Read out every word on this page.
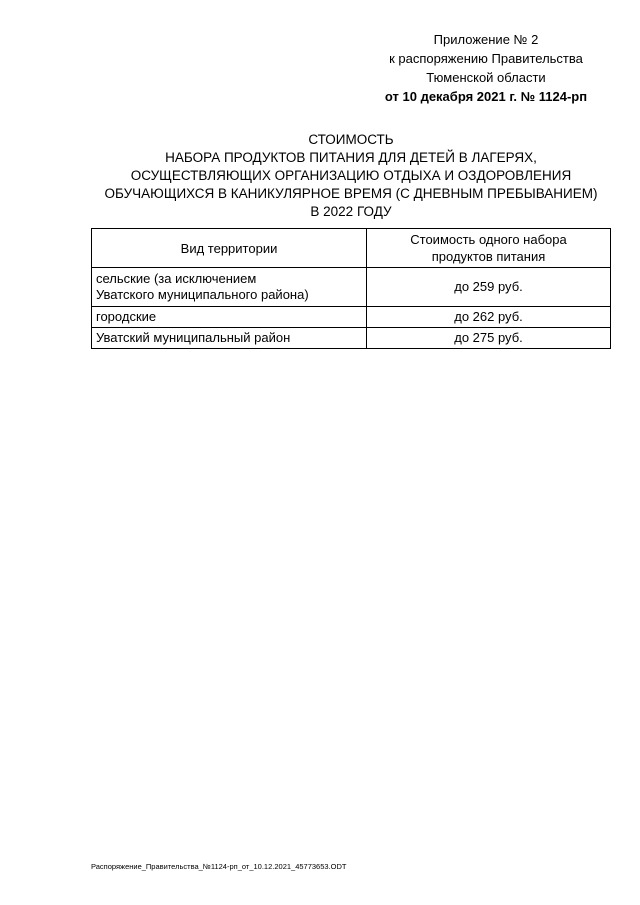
Приложение № 2
к распоряжению Правительства
Тюменской области
от 10 декабря 2021 г. № 1124-рп
СТОИМОСТЬ
НАБОРА ПРОДУКТОВ ПИТАНИЯ ДЛЯ ДЕТЕЙ В ЛАГЕРЯХ,
ОСУЩЕСТВЛЯЮЩИХ ОРГАНИЗАЦИЮ ОТДЫХА И ОЗДОРОВЛЕНИЯ
ОБУЧАЮЩИХСЯ В КАНИКУЛЯРНОЕ ВРЕМЯ (С ДНЕВНЫМ ПРЕБЫВАНИЕМ)
В 2022 ГОДУ
Вид территории	Стоимость одного набора
продуктов питания

сельские (за исключением
Уватского муниципального района)	до 259 руб.
городские	до 262 руб.
Уватский муниципальный район	до 275 руб.
Распоряжение_Правительства_№1124-рп_от_10.12.2021_45773653.ODT
